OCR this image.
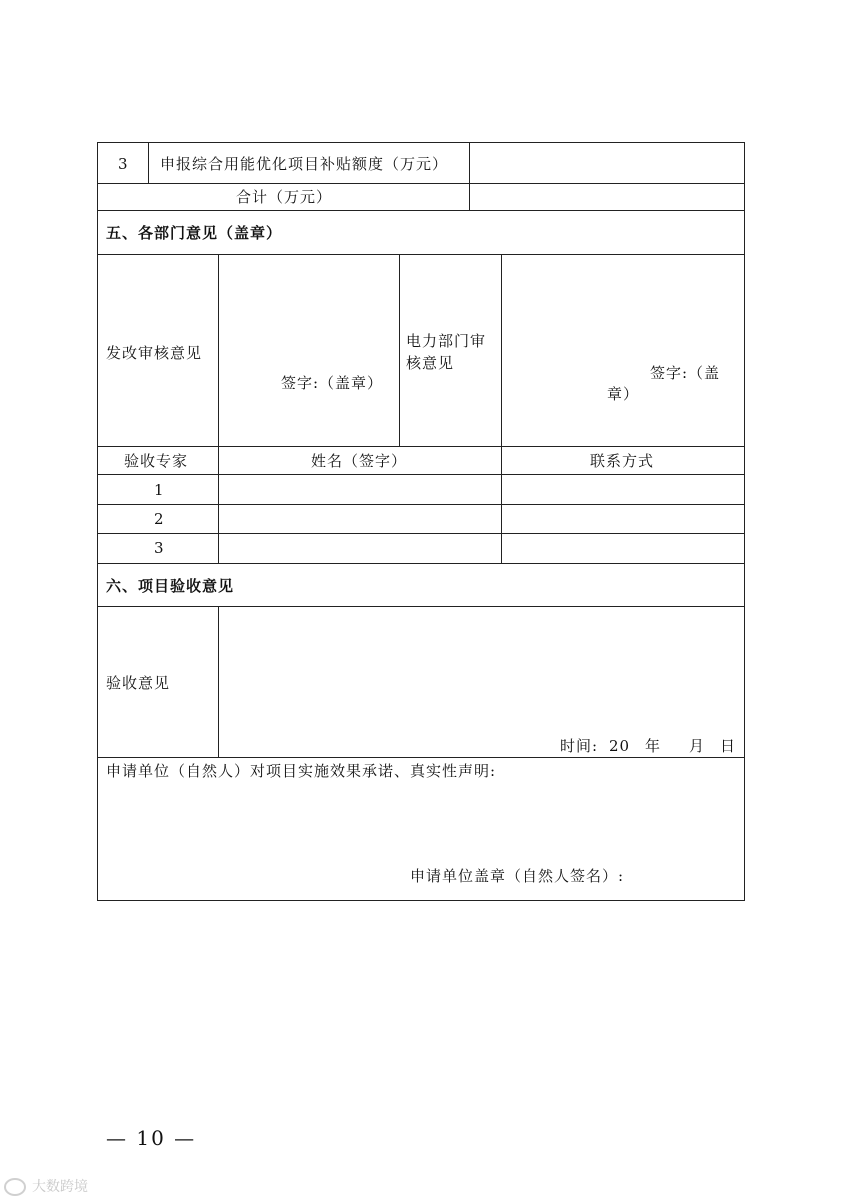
3 申报综合用能优化项目补贴额度（万元）
合计（万元）
五、各部门意见（盖章）
发改审核意见
签字:（盖章）
电力部门审核意见
签字:（盖
章）
验收专家	姓名（签字）	联系方式
1
2
3
六、项目验收意见
验收意见
时间: 20 年 月 日
申请单位（自然人）对项目实施效果承诺、真实性声明:
申请单位盖章（自然人签名）:
— 10 —
大数跨境
